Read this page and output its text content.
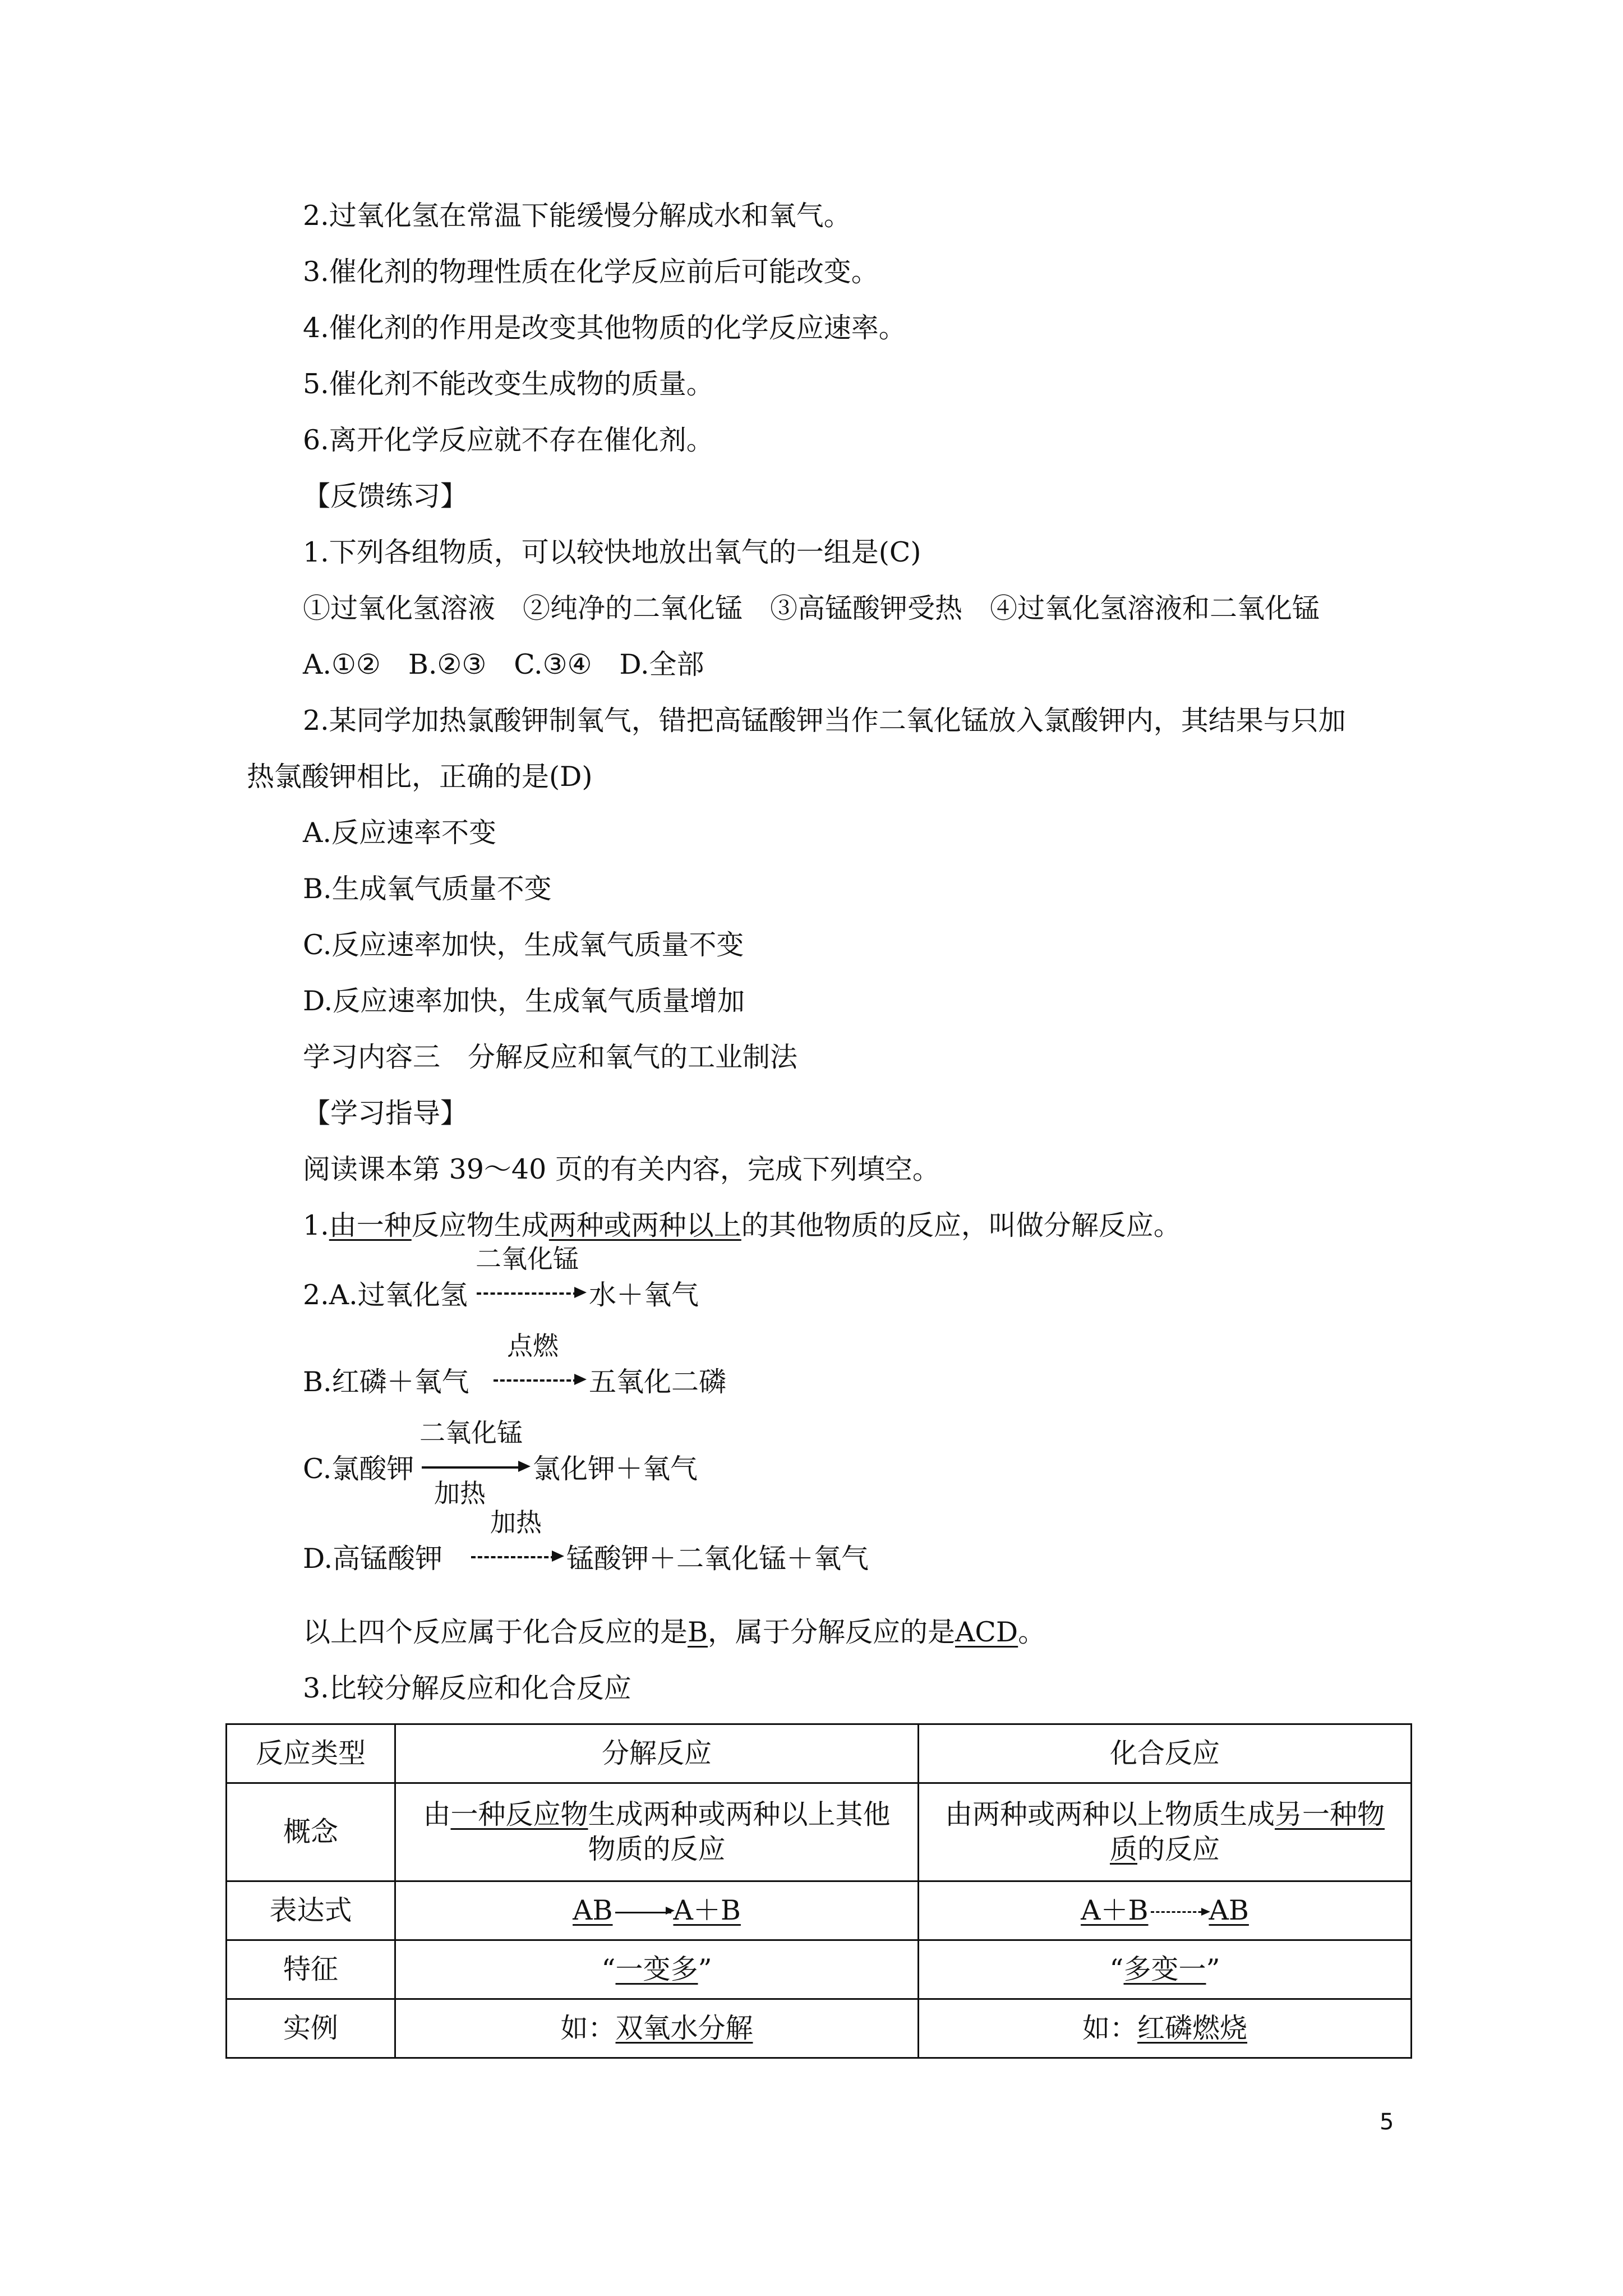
2.过氧化氢在常温下能缓慢分解成水和氧气。
3.催化剂的物理性质在化学反应前后可能改变。
4.催化剂的作用是改变其他物质的化学反应速率。
5.催化剂不能改变生成物的质量。
6.离开化学反应就不存在催化剂。
【反馈练习】
1.下列各组物质，可以较快地放出氧气的一组是(C)
①过氧化氢溶液　②纯净的二氧化锰　③高锰酸钾受热　④过氧化氢溶液和二氧化锰
A.①②　B.②③　C.③④　D.全部
2.某同学加热氯酸钾制氧气，错把高锰酸钾当作二氧化锰放入氯酸钾内，其结果与只加
热氯酸钾相比，正确的是(D)
A.反应速率不变
B.生成氧气质量不变
C.反应速率加快，生成氧气质量不变
D.反应速率加快，生成氧气质量增加
学习内容三　分解反应和氧气的工业制法
【学习指导】
阅读课本第 39～40 页的有关内容，完成下列填空。
1.由一种反应物生成两种或两种以上的其他物质的反应，叫做分解反应。
2.A.过氧化氢
二氧化锰
水＋氧气
B.红磷＋氧气
点燃
五氧化二磷
C.氯酸钾
二氧化锰
加热
氯化钾＋氧气
D.高锰酸钾
加热
锰酸钾＋二氧化锰＋氧气
以上四个反应属于化合反应的是B，属于分解反应的是ACD。
3.比较分解反应和化合反应
反应类型	分解反应	化合反应
概念	由一种反应物生成两种或两种以上其他物质的反应	由两种或两种以上物质生成另一种物质的反应
表达式	AB A＋B	A＋B AB
特征	“一变多”	“多变一”
实例	如：双氧水分解	如：红磷燃烧
5
